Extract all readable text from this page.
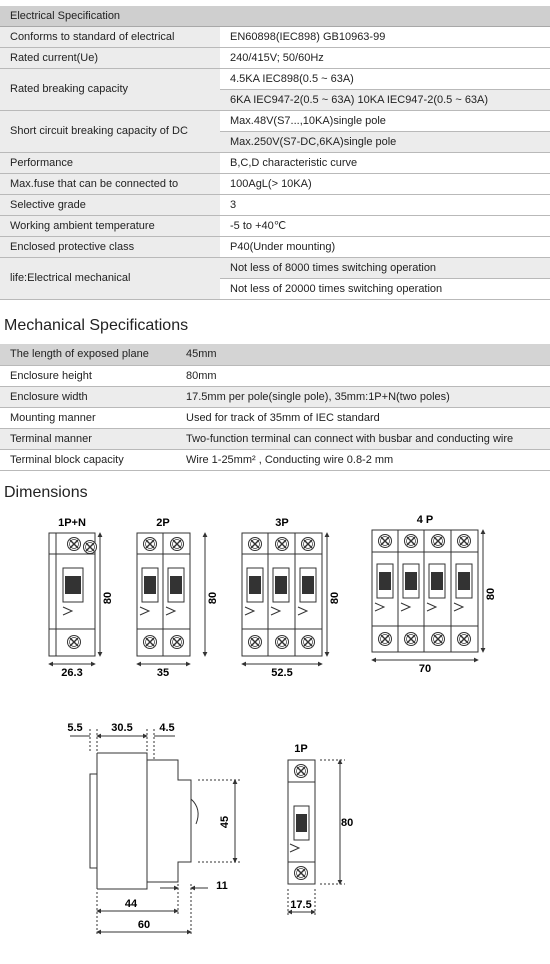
Electrical Specification	
Conforms to standard of electrical	EN60898(IEC898) GB10963-99
Rated current(Ue)	240/415V; 50/60Hz
Rated breaking capacity	4.5KA IEC898(0.5 ~ 63A)
	6KA IEC947-2(0.5 ~ 63A) 10KA IEC947-2(0.5 ~ 63A)
Short circuit breaking capacity of DC	Max.48V(S7...,10KA)single pole
	Max.250V(S7-DC,6KA)single pole
Performance	B,C,D characteristic curve
Max.fuse that can be connected to	100AgL(> 10KA)
Selective grade	3
Working ambient temperature	-5 to +40℃
Enclosed protective class	P40(Under mounting)
life:Electrical mechanical	Not less of 8000 times switching operation
	Not less of 20000 times switching operation
Mechanical Specifications
The length of exposed plane	45mm
Enclosure height	80mm
Enclosure width	17.5mm per pole(single pole), 35mm:1P+N(two poles)
Mounting manner	Used for track of 35mm of IEC standard
Terminal manner	Two-function terminal can connect with busbar and conducting wire
Terminal block capacity	Wire 1-25mm² , Conducting wire 0.8-2 mm
Dimensions
1P+N
80
26.3
2P
80
35
3P
80
52.5
4 P
80
70
5.5	30.5 4.5
45
11
44
60
1P
80
17.5
